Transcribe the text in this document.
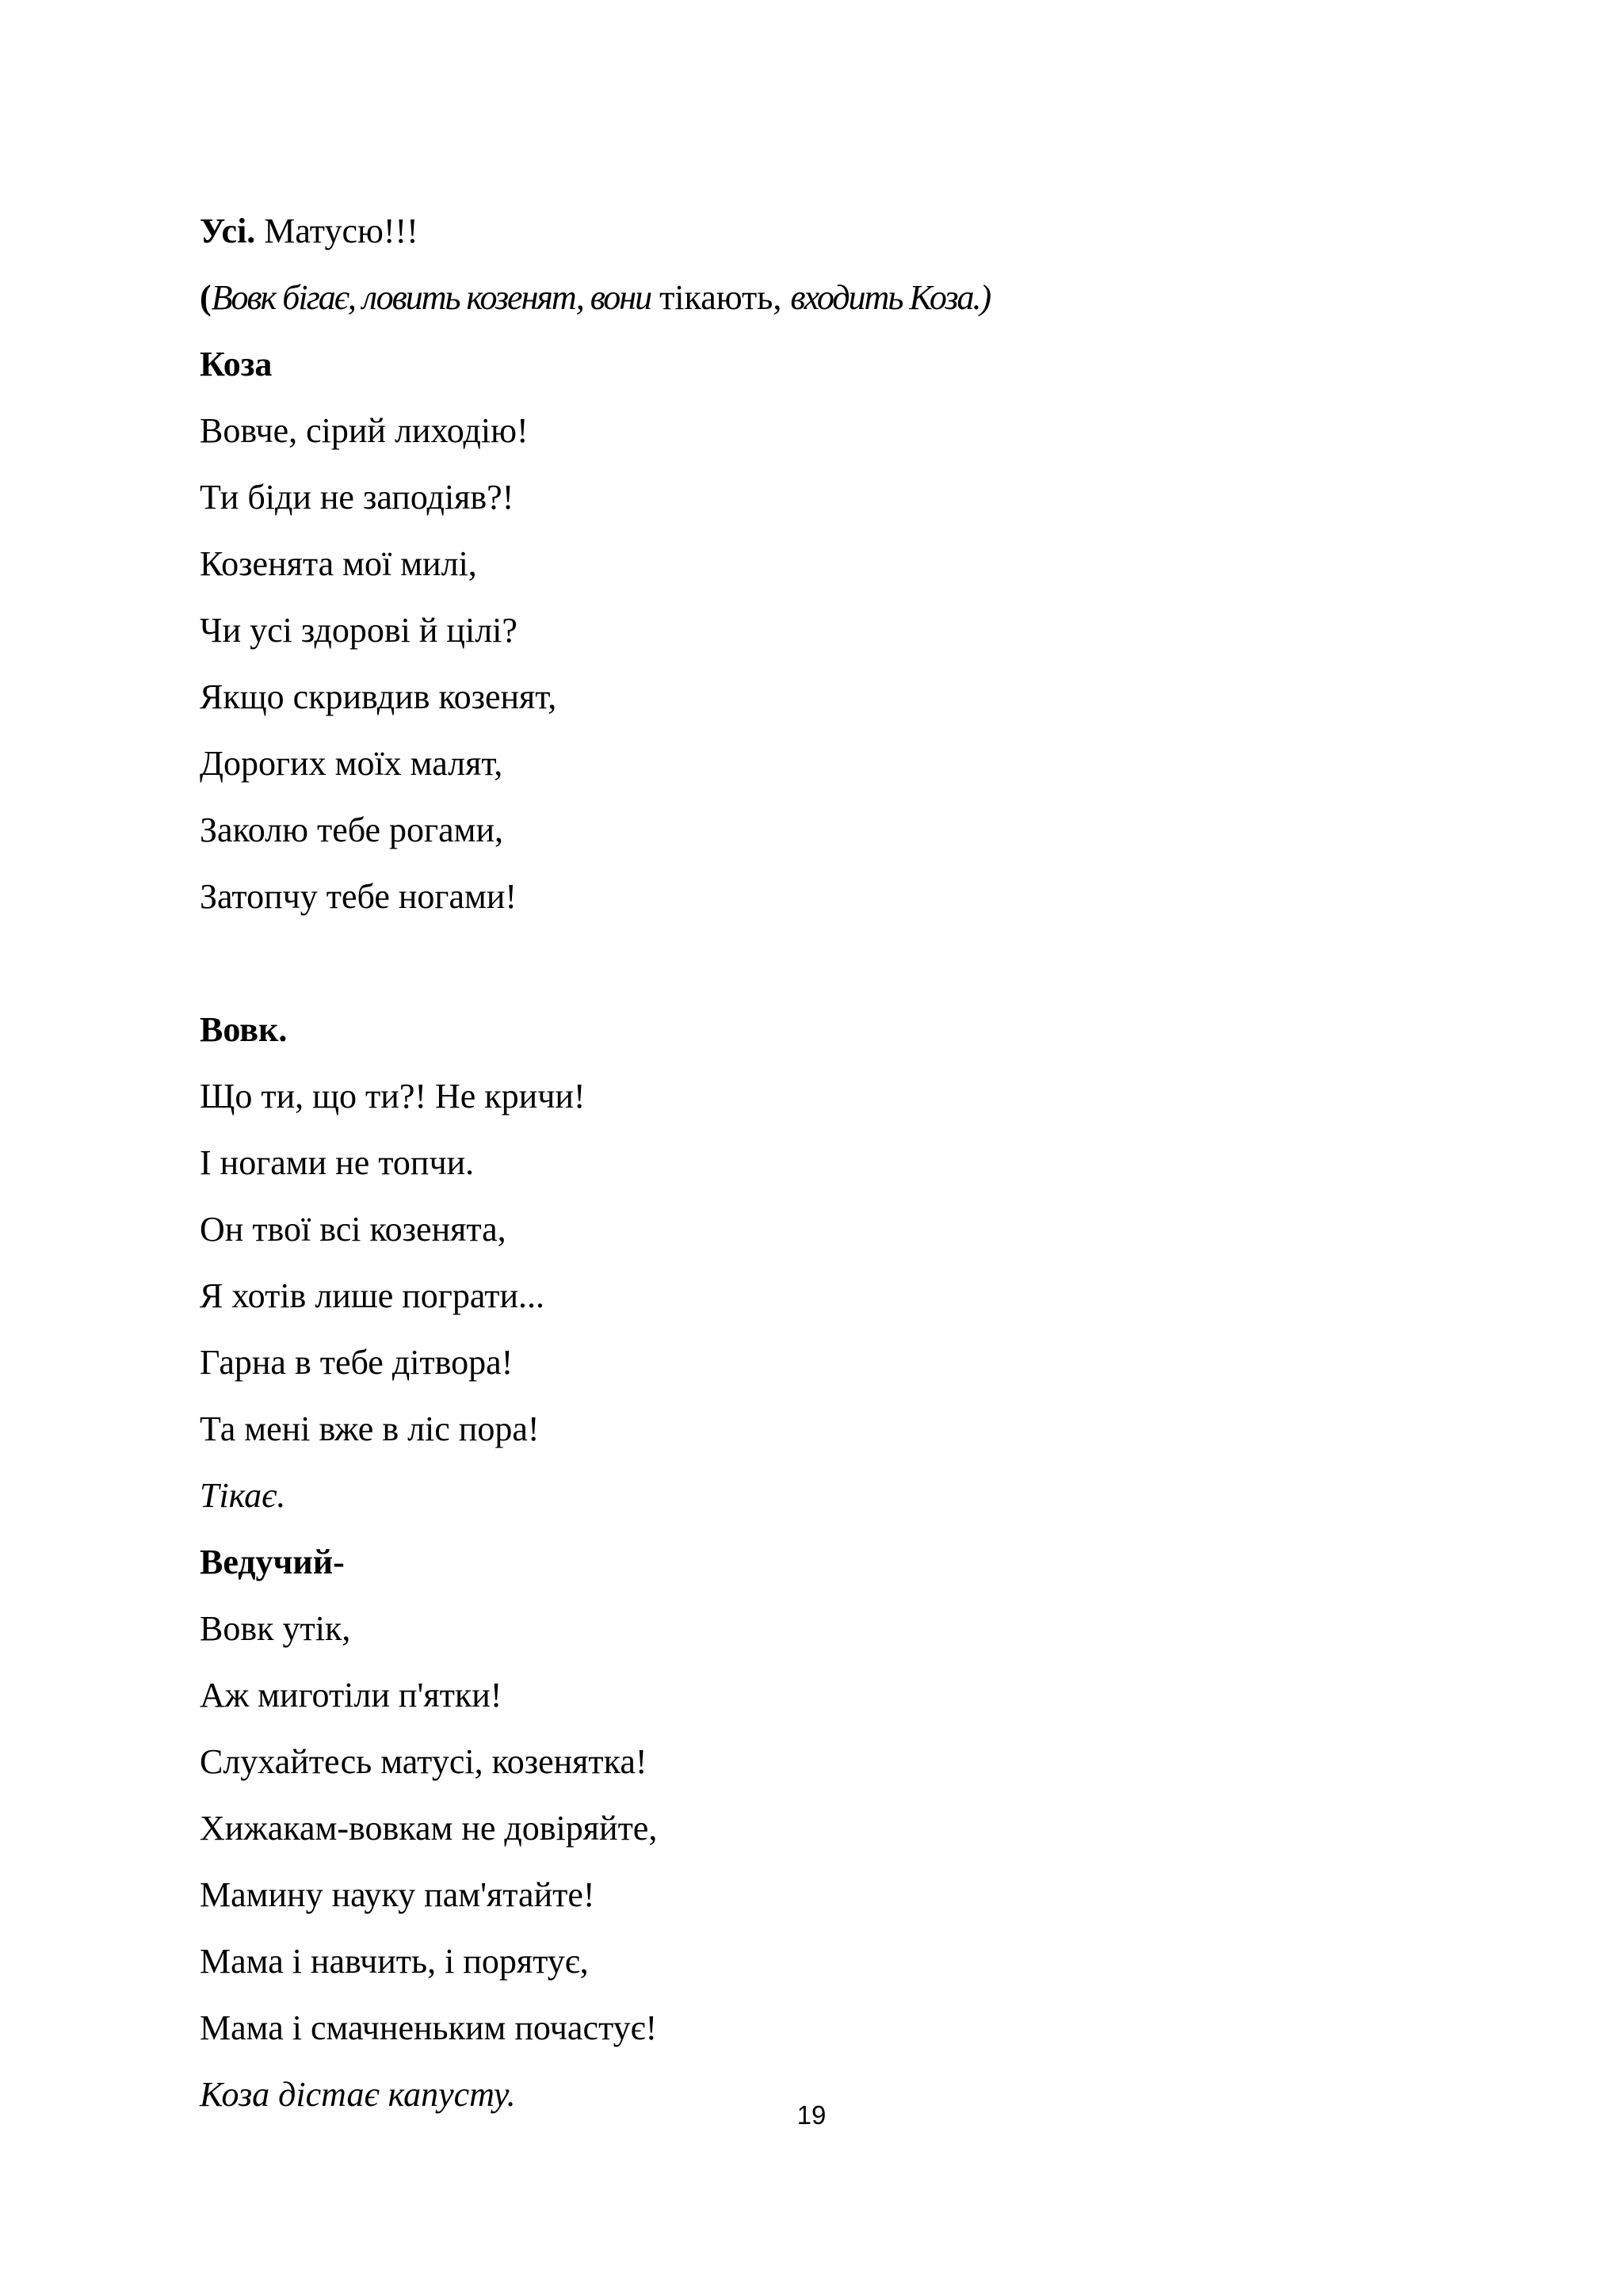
Усі. Матусю!!!
(Вовк бігає, ловить козенят, вони тікають, входить Коза.)
Коза
Вовче, сірий лиходію!
Ти біди не заподіяв?!
Козенята мої милі,
Чи усі здорові й цілі?
Якщо скривдив козенят,
Дорогих моїх малят,
Заколю тебе рогами,
Затопчу тебе ногами!
Вовк.
Що ти, що ти?! Не кричи!
І ногами не топчи.
Он твої всі козенята,
Я хотів лише пограти...
Гарна в тебе дітвора!
Та мені вже в ліс пора!
Тікає.
Ведучий-
Вовк утік,
Аж миготіли п'ятки!
Слухайтесь матусі, козенятка!
Хижакам-вовкам не довіряйте,
Мамину науку пам'ятайте!
Мама і навчить, і порятує,
Мама і смачненьким почастує!
Коза дістає капусту.
19
